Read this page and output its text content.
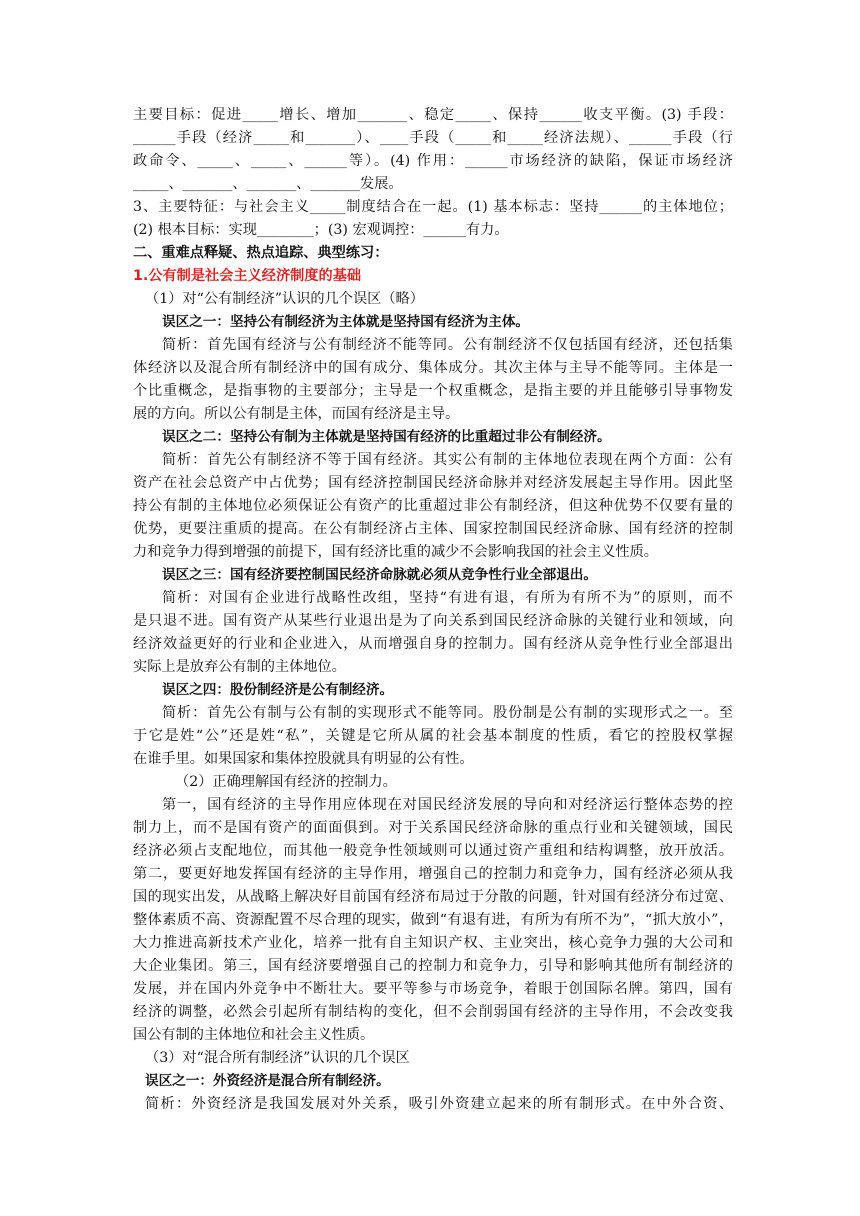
主要目标：促进_____增长、增加_______、稳定_____、保持______收支平衡。(3) 手段：
______手段（经济_____和_______）、____手段（_____和_____经济法规）、______手段（行
政命令、_____、_____、______等）。(4) 作用：______市场经济的缺陷，保证市场经济
_____、_______、_______、_______发展。
3、主要特征：与社会主义_____制度结合在一起。(1) 基本标志：坚持______的主体地位；
(2) 根本目标：实现________；(3) 宏观调控：______有力。
二、重难点释疑、热点追踪、典型练习：
1.公有制是社会主义经济制度的基础
（1）对“公有制经济”认识的几个误区（略）
误区之一：坚持公有制经济为主体就是坚持国有经济为主体。
简析：首先国有经济与公有制经济不能等同。公有制经济不仅包括国有经济，还包括集
体经济以及混合所有制经济中的国有成分、集体成分。其次主体与主导不能等同。主体是一
个比重概念，是指事物的主要部分；主导是一个权重概念，是指主要的并且能够引导事物发
展的方向。所以公有制是主体，而国有经济是主导。
误区之二：坚持公有制为主体就是坚持国有经济的比重超过非公有制经济。
简析：首先公有制经济不等于国有经济。其实公有制的主体地位表现在两个方面：公有
资产在社会总资产中占优势；国有经济控制国民经济命脉并对经济发展起主导作用。因此坚
持公有制的主体地位必须保证公有资产的比重超过非公有制经济，但这种优势不仅要有量的
优势，更要注重质的提高。在公有制经济占主体、国家控制国民经济命脉、国有经济的控制
力和竞争力得到增强的前提下，国有经济比重的减少不会影响我国的社会主义性质。
误区之三：国有经济要控制国民经济命脉就必须从竞争性行业全部退出。
简析：对国有企业进行战略性改组，坚持“有进有退，有所为有所不为”的原则，而不
是只退不进。国有资产从某些行业退出是为了向关系到国民经济命脉的关键行业和领域，向
经济效益更好的行业和企业进入，从而增强自身的控制力。国有经济从竞争性行业全部退出
实际上是放弃公有制的主体地位。
误区之四：股份制经济是公有制经济。
简析：首先公有制与公有制的实现形式不能等同。股份制是公有制的实现形式之一。至
于它是姓“公”还是姓“私”，关键是它所从属的社会基本制度的性质，看它的控股权掌握
在谁手里。如果国家和集体控股就具有明显的公有性。
（2）正确理解国有经济的控制力。
第一，国有经济的主导作用应体现在对国民经济发展的导向和对经济运行整体态势的控
制力上，而不是国有资产的面面俱到。对于关系国民经济命脉的重点行业和关键领域，国民
经济必须占支配地位，而其他一般竞争性领域则可以通过资产重组和结构调整，放开放活。
第二，要更好地发挥国有经济的主导作用，增强自己的控制力和竞争力，国有经济必须从我
国的现实出发，从战略上解决好目前国有经济布局过于分散的问题，针对国有经济分布过宽、
整体素质不高、资源配置不尽合理的现实，做到“有退有进，有所为有所不为”，“抓大放小”，
大力推进高新技术产业化，培养一批有自主知识产权、主业突出，核心竞争力强的大公司和
大企业集团。第三，国有经济要增强自己的控制力和竞争力，引导和影响其他所有制经济的
发展，并在国内外竞争中不断壮大。要平等参与市场竞争，着眼于创国际名牌。第四，国有
经济的调整，必然会引起所有制结构的变化，但不会削弱国有经济的主导作用，不会改变我
国公有制的主体地位和社会主义性质。
（3）对“混合所有制经济”认识的几个误区
误区之一：外资经济是混合所有制经济。
简析：外资经济是我国发展对外关系，吸引外资建立起来的所有制形式。在中外合资、
